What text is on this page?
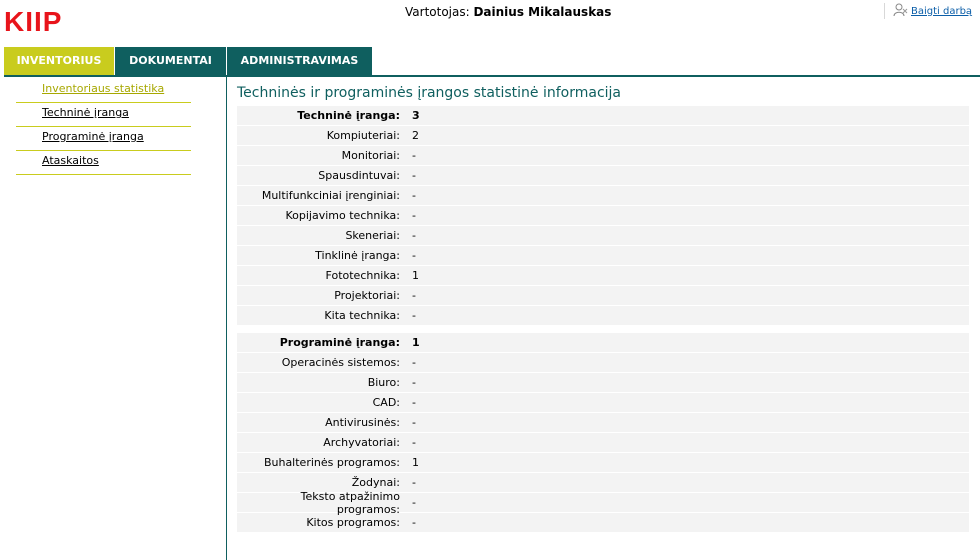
KIIP	Vartotojas: Dainius Mikalauskas	Baigti darbą
INVENTORIUS	DOKUMENTAI	ADMINISTRAVIMAS
Inventoriaus statistika
Techninė įranga
Programinė įranga
Ataskaitos
Techninės ir programinės įrangos statistinė informacija
Techninė įranga:	3
Kompiuteriai:	2
Monitoriai:	-
Spausdintuvai:	-
Multifunkciniai įrenginiai:	-
Kopijavimo technika:	-
Skeneriai:	-
Tinklinė įranga:	-
Fototechnika:	1
Projektoriai:	-
Kita technika:	-
Programinė įranga:	1
Operacinės sistemos:	-
Biuro:	-
CAD:	-
Antivirusinės:	-
Archyvatoriai:	-
Buhalterinės programos:	1
Žodynai:	-
Teksto atpažinimo programos:	-
Kitos programos:	-
